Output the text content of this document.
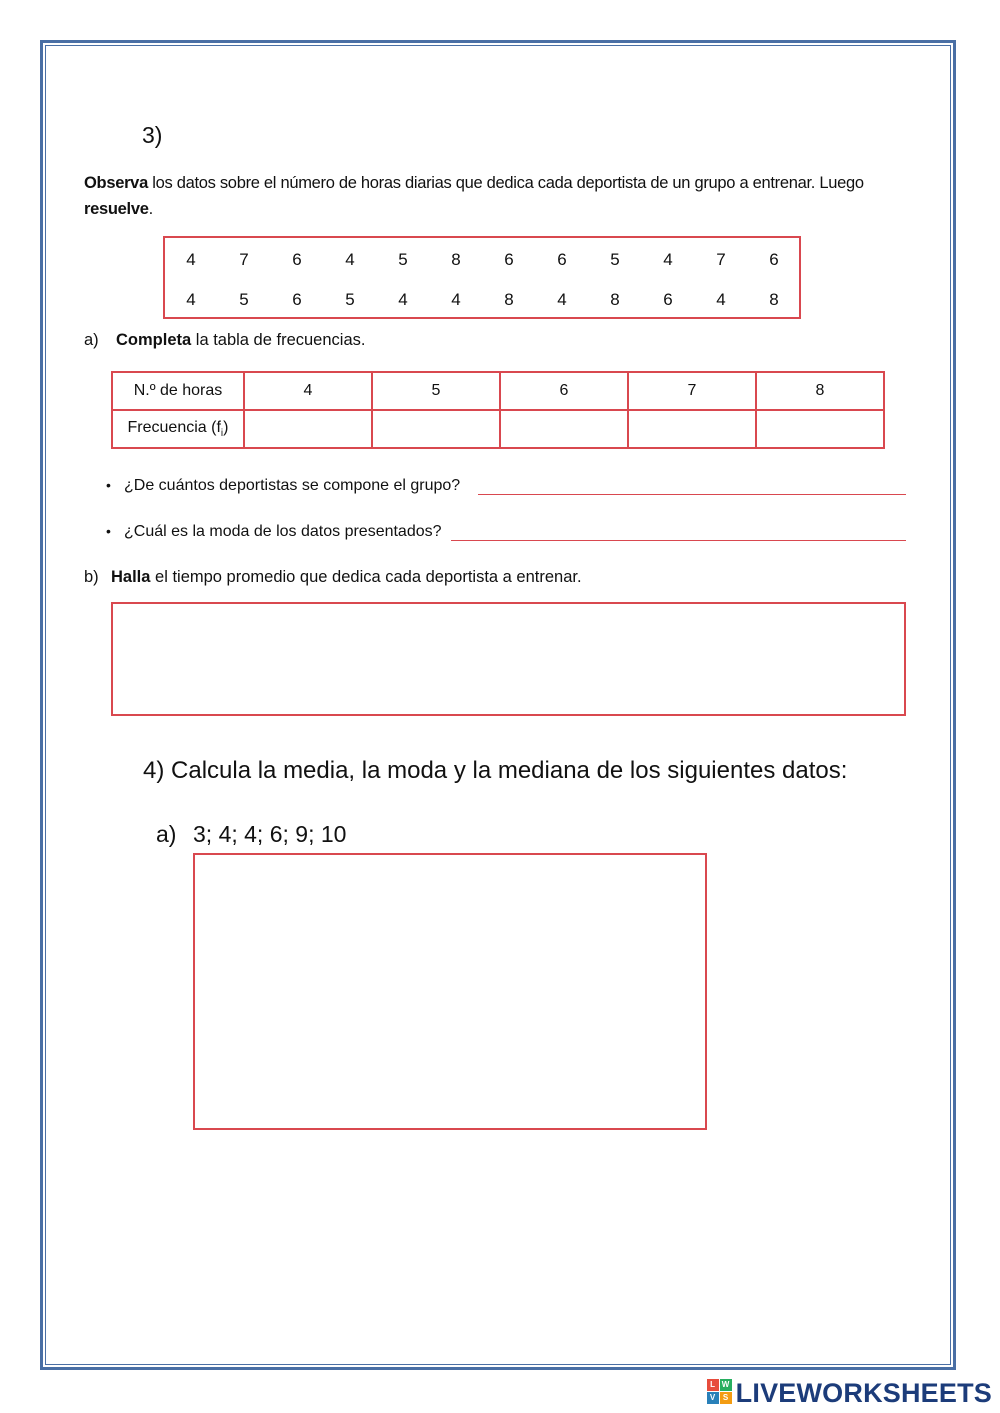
3)
Observa los datos sobre el número de horas diarias que dedica cada deportista de un grupo a entrenar. Luego resuelve.
4	7	6	4	5	8	6	6	5	4	7	6
4	5	6	5	4	4	8	4	8	6	4	8
a) Completa la tabla de frecuencias.
N.º de horas	4	5	6	7	8
Frecuencia $(f_i)$					
• ¿De cuántos deportistas se compone el grupo?
• ¿Cuál es la moda de los datos presentados?
b) Halla el tiempo promedio que dedica cada deportista a entrenar.
4) Calcula la media, la moda y la mediana de los siguientes datos:
a) 3; 4; 4; 6; 9; 10
L W
V S LIVEWORKSHEETS
